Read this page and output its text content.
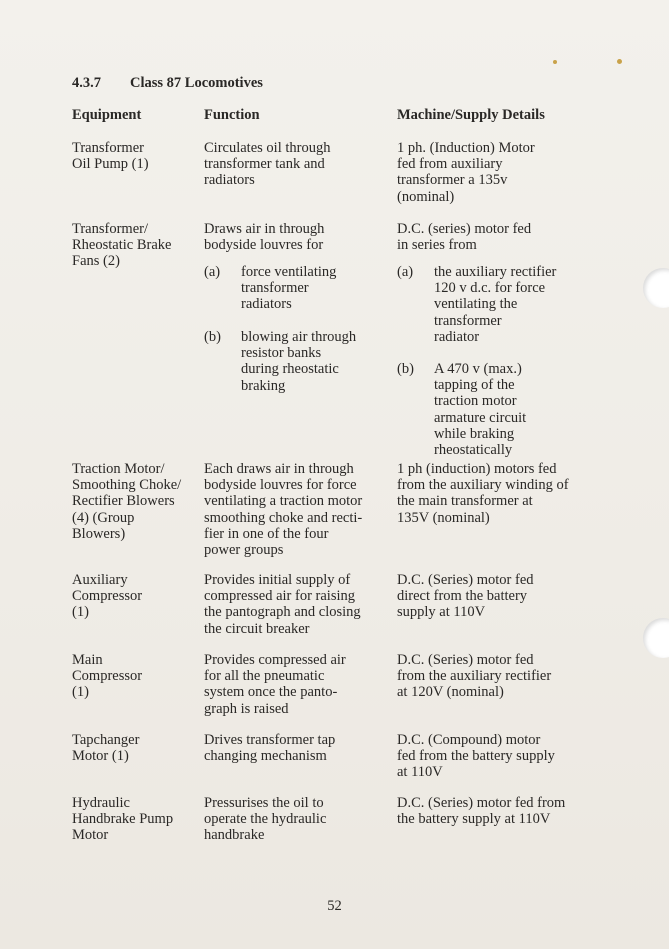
4.3.7 Class 87 Locomotives
Equipment	Function	Machine/Supply Details
Transformer
Oil Pump (1)
Circulates oil through
transformer tank and
radiators
1 ph. (Induction) Motor
fed from auxiliary
transformer a 135v
(nominal)
Transformer/
Rheostatic Brake
Fans (2)
Draws air in through
bodyside louvres for
D.C. (series) motor fed
in series from
(a) force ventilating
transformer
radiators
(b) blowing air through
resistor banks
during rheostatic
braking
(a) the auxiliary rectifier
120 v d.c. for force
ventilating the
transformer
radiator
(b) A 470 v (max.)
tapping of the
traction motor
armature circuit
while braking
rheostatically
Traction Motor/
Smoothing Choke/
Rectifier Blowers
(4) (Group
Blowers)
Each draws air in through
bodyside louvres for force
ventilating a traction motor
smoothing choke and recti-
fier in one of the four
power groups
1 ph (induction) motors fed
from the auxiliary winding of
the main transformer at
135V (nominal)
Auxiliary
Compressor
(1)
Provides initial supply of
compressed air for raising
the pantograph and closing
the circuit breaker
D.C. (Series) motor fed
direct from the battery
supply at 110V
Main
Compressor
(1)
Provides compressed air
for all the pneumatic
system once the panto-
graph is raised
D.C. (Series) motor fed
from the auxiliary rectifier
at 120V (nominal)
Tapchanger
Motor (1)
Drives transformer tap
changing mechanism
D.C. (Compound) motor
fed from the battery supply
at 110V
Hydraulic
Handbrake Pump
Motor
Pressurises the oil to
operate the hydraulic
handbrake
D.C. (Series) motor fed from
the battery supply at 110V
52
